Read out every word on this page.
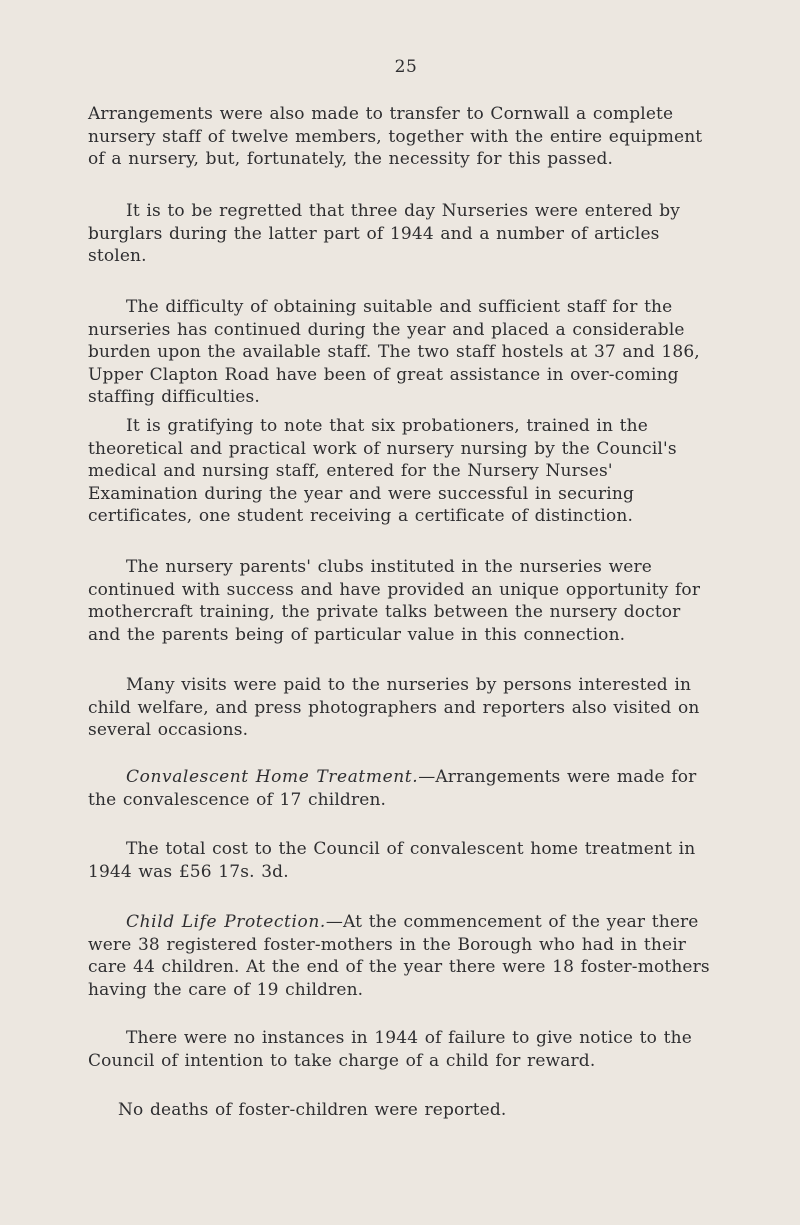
25

Arrangements were also made to transfer to Cornwall a complete nursery staff of twelve members, together with the entire equipment of a nursery, but, fortunately, the necessity for this passed.

It is to be regretted that three day Nurseries were entered by burglars during the latter part of 1944 and a number of articles stolen.

The difficulty of obtaining suitable and sufficient staff for the nurseries has continued during the year and placed a considerable burden upon the available staff. The two staff hostels at 37 and 186, Upper Clapton Road have been of great assistance in over-coming staffing difficulties.

It is gratifying to note that six probationers, trained in the theoretical and practical work of nursery nursing by the Council's medical and nursing staff, entered for the Nursery Nurses' Examination during the year and were successful in securing certificates, one student receiving a certificate of distinction.

The nursery parents' clubs instituted in the nurseries were continued with success and have provided an unique opportunity for mothercraft training, the private talks between the nursery doctor and the parents being of particular value in this connection.

Many visits were paid to the nurseries by persons interested in child welfare, and press photographers and reporters also visited on several occasions.

Convalescent Home Treatment.—Arrangements were made for the convalescence of 17 children.

The total cost to the Council of convalescent home treatment in 1944 was £56 17s. 3d.

Child Life Protection.—At the commencement of the year there were 38 registered foster-mothers in the Borough who had in their care 44 children. At the end of the year there were 18 foster-mothers having the care of 19 children.

There were no instances in 1944 of failure to give notice to the Council of intention to take charge of a child for reward.

No deaths of foster-children were reported.
